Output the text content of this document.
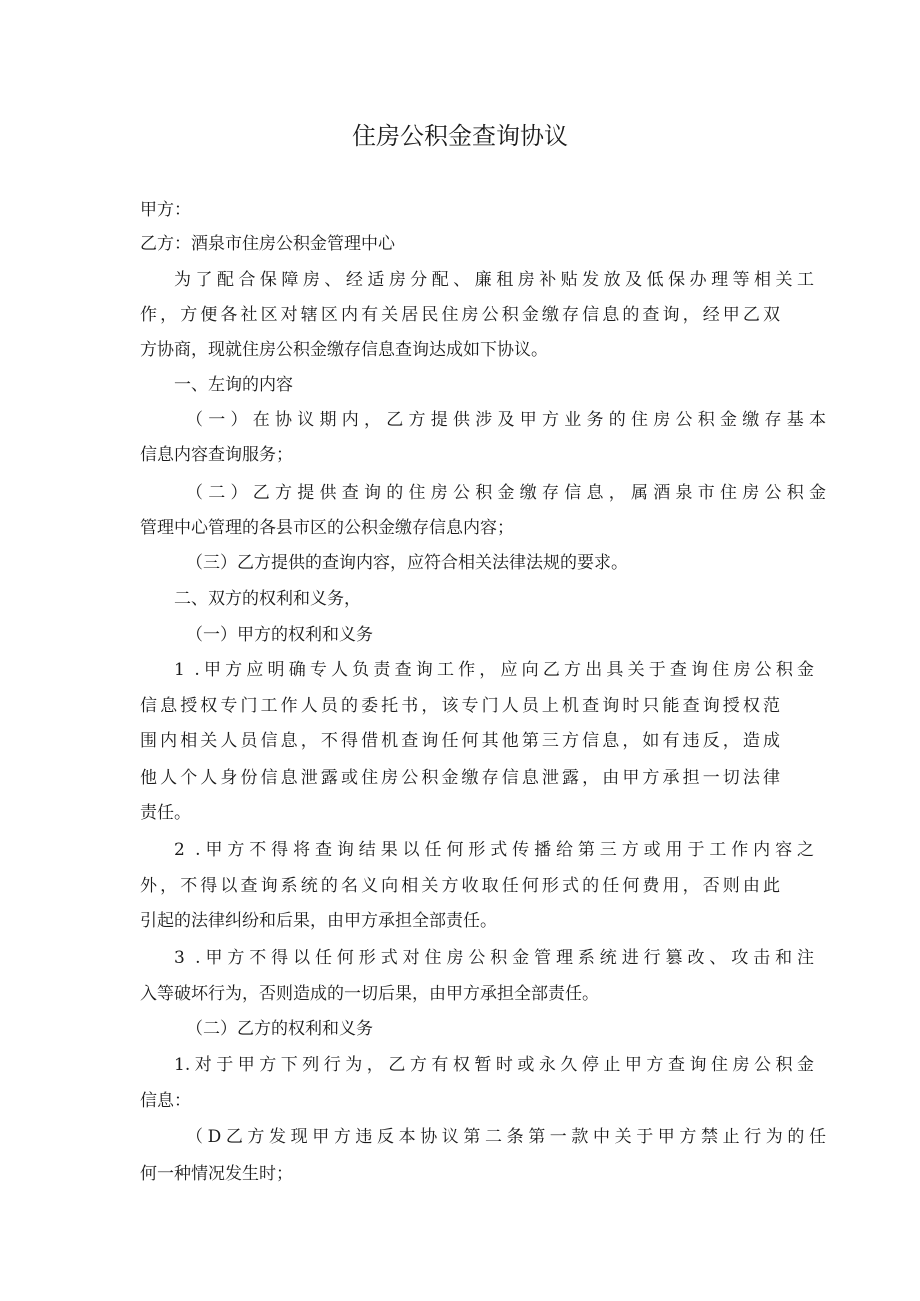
住房公积金查询协议
甲方：
乙方：酒泉市住房公积金管理中心
为了配合保障房、经适房分配、廉租房补贴发放及低保办理等相关工
作，方便各社区对辖区内有关居民住房公积金缴存信息的查询，经甲乙双
方协商，现就住房公积金缴存信息查询达成如下协议。
一、左询的内容
（一）在协议期内，乙方提供涉及甲方业务的住房公积金缴存基本
信息内容查询服务；
（二）乙方提供查询的住房公积金缴存信息，属酒泉市住房公积金
管理中心管理的各县市区的公积金缴存信息内容；
（三）乙方提供的查询内容，应符合相关法律法规的要求。
二、双方的权利和义务，
（一）甲方的权利和义务
1 .甲方应明确专人负责查询工作，应向乙方出具关于查询住房公积金
信息授权专门工作人员的委托书，该专门人员上机查询时只能查询授权范
围内相关人员信息，不得借机查询任何其他第三方信息，如有违反，造成
他人个人身份信息泄露或住房公积金缴存信息泄露，由甲方承担一切法律
责任。
2 .甲方不得将查询结果以任何形式传播给第三方或用于工作内容之
外，不得以查询系统的名义向相关方收取任何形式的任何费用，否则由此
引起的法律纠纷和后果，由甲方承担全部责任。
3 .甲方不得以任何形式对住房公积金管理系统进行篡改、攻击和注
入等破坏行为，否则造成的一切后果，由甲方承担全部责任。
（二）乙方的权利和义务
1.对于甲方下列行为，乙方有权暂时或永久停止甲方查询住房公积金
信息：
（D乙方发现甲方违反本协议第二条第一款中关于甲方禁止行为的任
何一种情况发生时；
